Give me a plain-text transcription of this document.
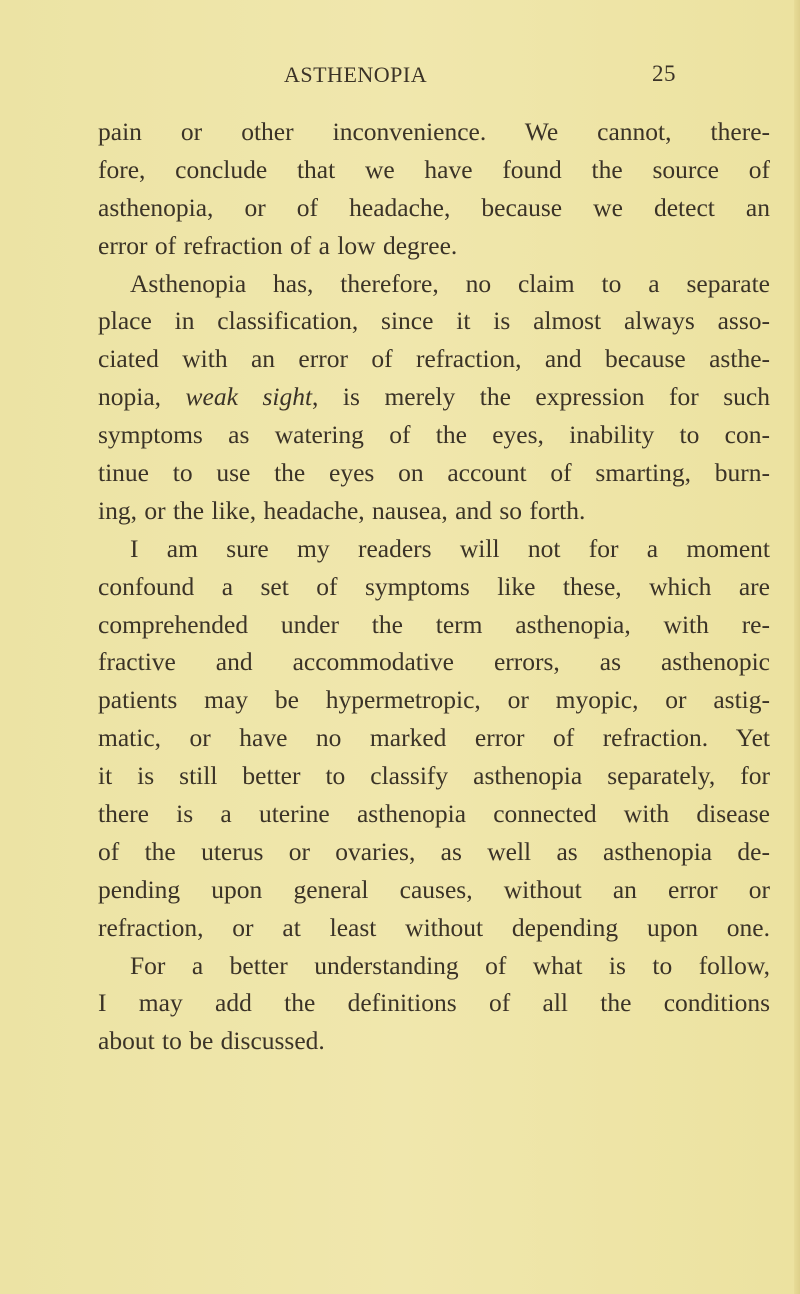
ASTHENOPIA	25
pain or other inconvenience. We cannot, there-
fore, conclude that we have found the source of
asthenopia, or of headache, because we detect an
error of refraction of a low degree.
Asthenopia has, therefore, no claim to a separate
place in classification, since it is almost always asso-
ciated with an error of refraction, and because asthe-
nopia, weak sight, is merely the expression for such
symptoms as watering of the eyes, inability to con-
tinue to use the eyes on account of smarting, burn-
ing, or the like, headache, nausea, and so forth.
I am sure my readers will not for a moment
confound a set of symptoms like these, which are
comprehended under the term asthenopia, with re-
fractive and accommodative errors, as asthenopic
patients may be hypermetropic, or myopic, or astig-
matic, or have no marked error of refraction. Yet
it is still better to classify asthenopia separately, for
there is a uterine asthenopia connected with disease
of the uterus or ovaries, as well as asthenopia de-
pending upon general causes, without an error or
refraction, or at least without depending upon one.
For a better understanding of what is to follow,
I may add the definitions of all the conditions
about to be discussed.
